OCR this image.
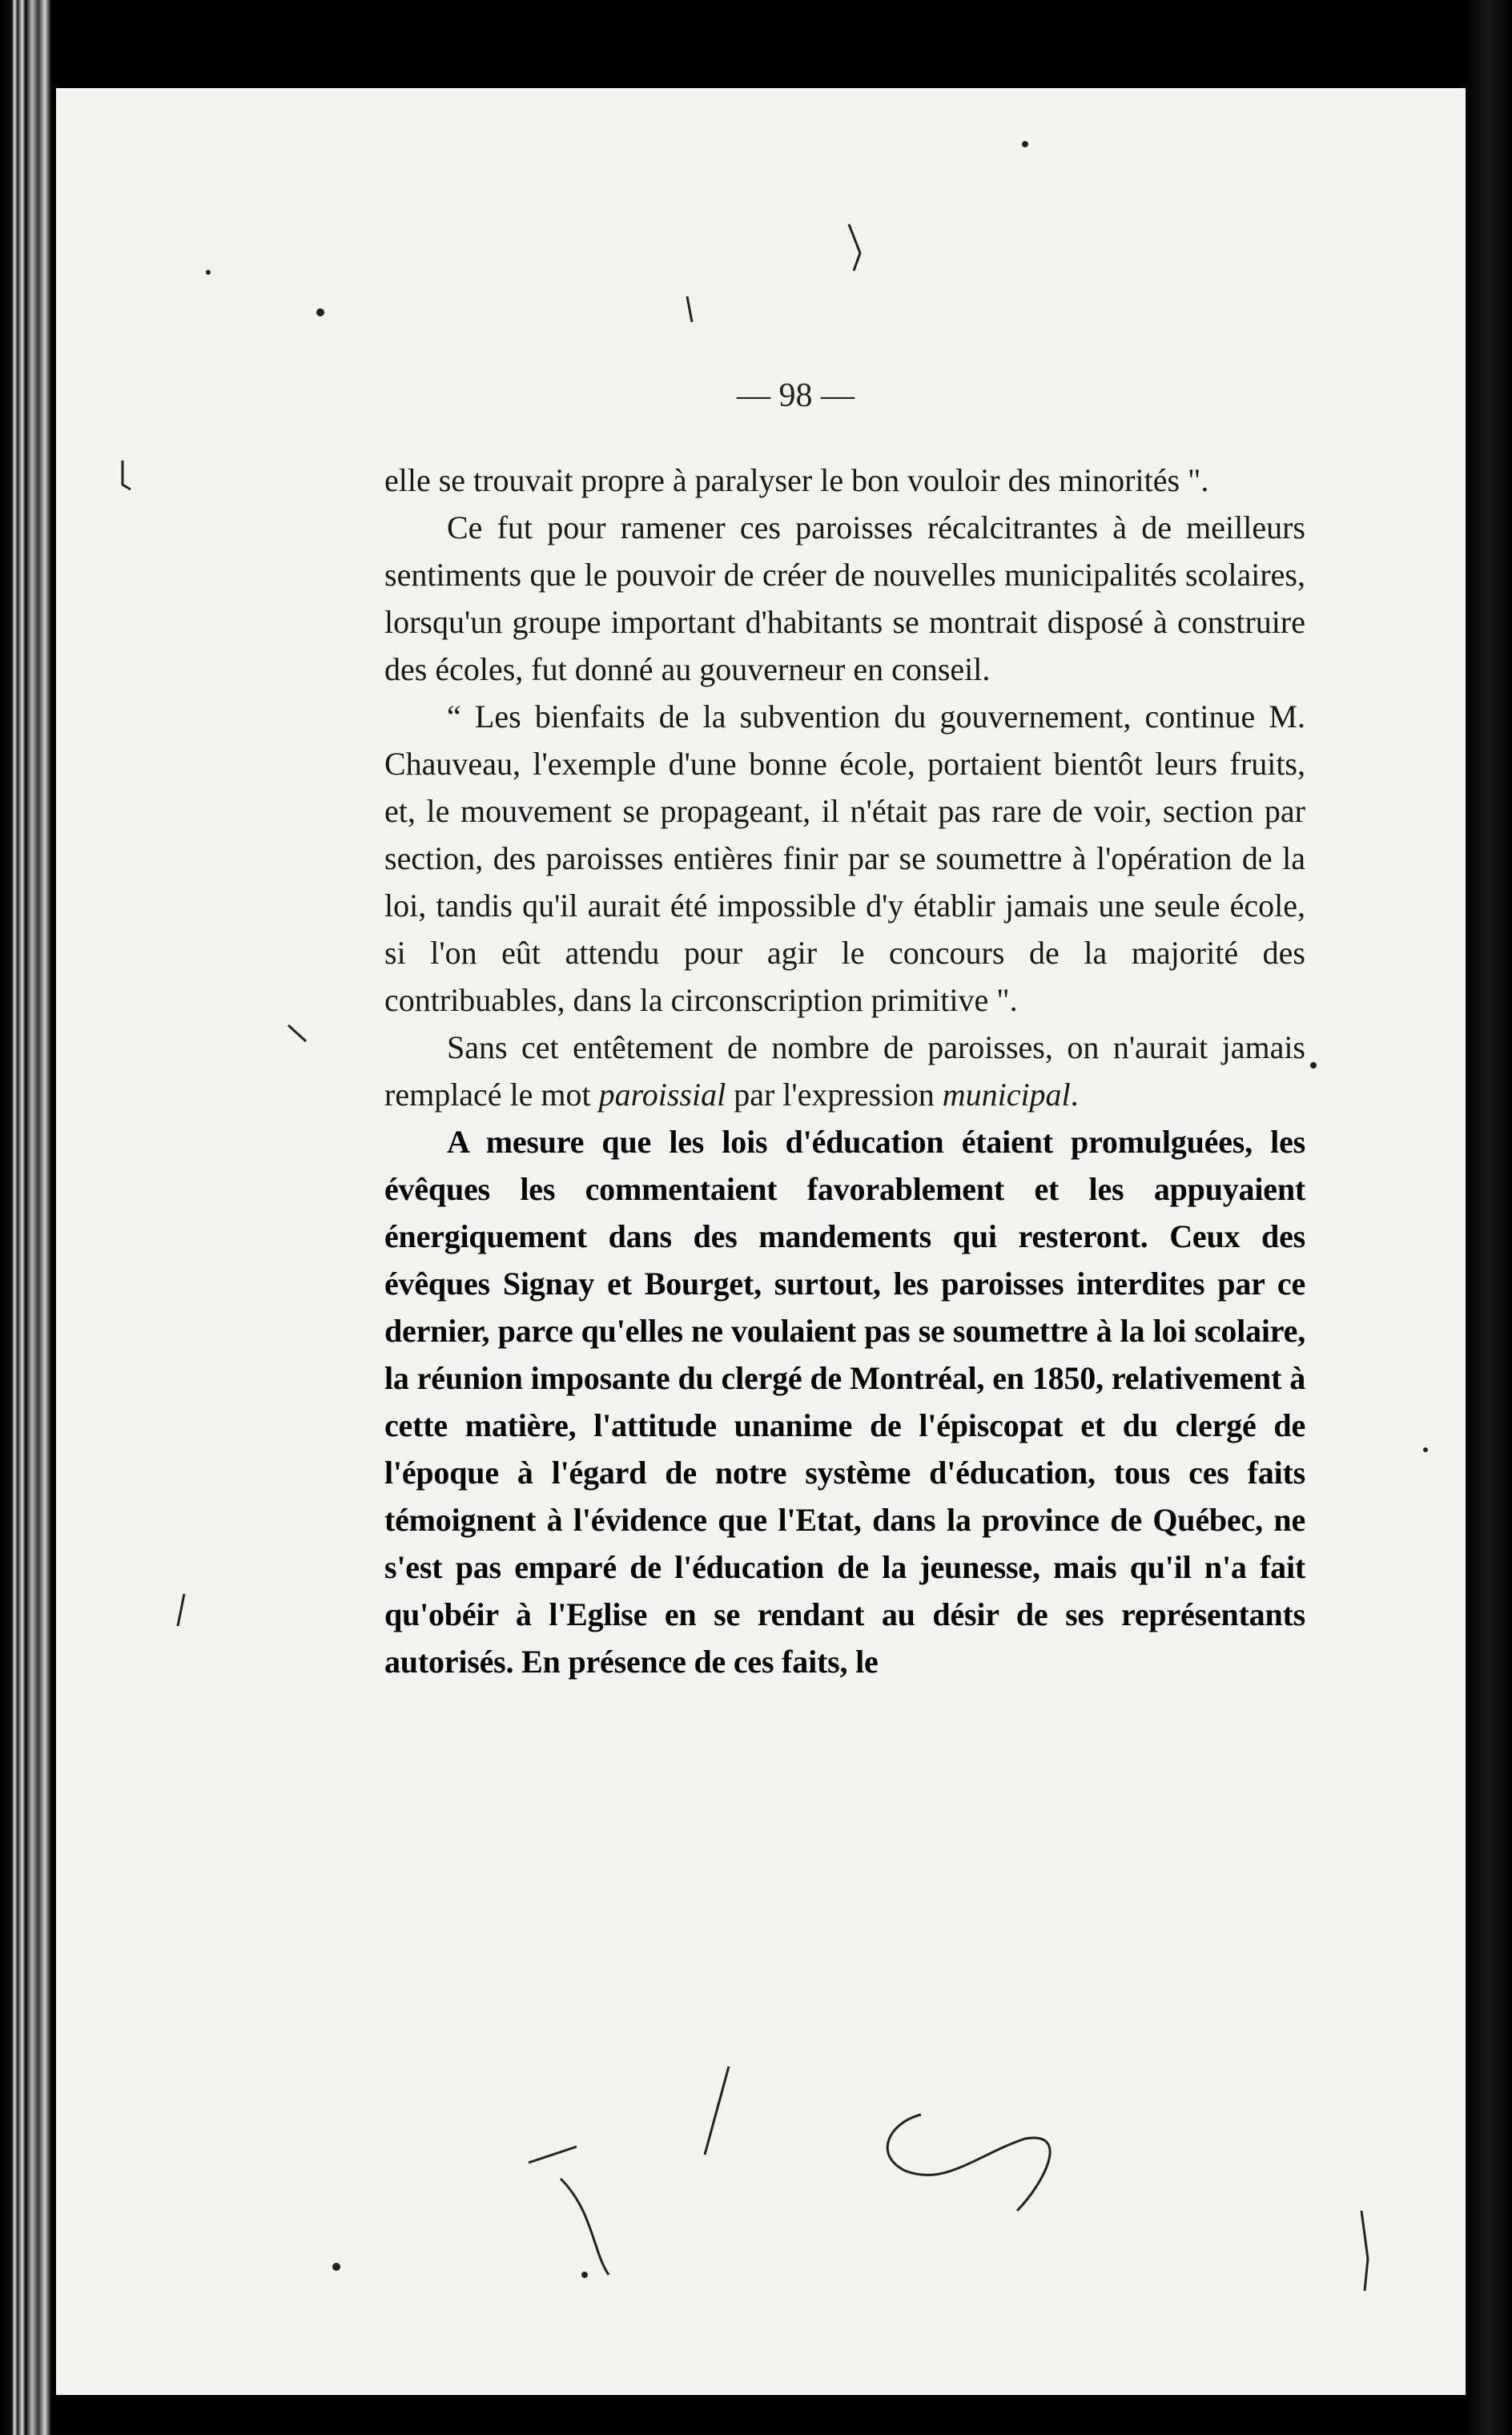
— 98 —

elle se trouvait propre à paralyser le bon vouloir des minorités ".

Ce fut pour ramener ces paroisses récalcitrantes à de meilleurs sentiments que le pouvoir de créer de nouvelles municipalités scolaires, lorsqu'un groupe important d'habitants se montrait disposé à construire des écoles, fut donné au gouverneur en conseil.

“ Les bienfaits de la subvention du gouvernement, continue M. Chauveau, l'exemple d'une bonne école, portaient bientôt leurs fruits, et, le mouvement se propageant, il n'était pas rare de voir, section par section, des paroisses entières finir par se soumettre à l'opération de la loi, tandis qu'il aurait été impossible d'y établir jamais une seule école, si l'on eût attendu pour agir le concours de la majorité des contribuables, dans la circonscription primitive ".

Sans cet entêtement de nombre de paroisses, on n'aurait jamais remplacé le mot paroissial par l'expression municipal.

A mesure que les lois d'éducation étaient promulguées, les évêques les commentaient favorablement et les appuyaient énergiquement dans des mandements qui resteront. Ceux des évêques Signay et Bourget, surtout, les paroisses interdites par ce dernier, parce qu'elles ne voulaient pas se soumettre à la loi scolaire, la réunion imposante du clergé de Montréal, en 1850, relativement à cette matière, l'attitude unanime de l'épiscopat et du clergé de l'époque à l'égard de notre système d'éducation, tous ces faits témoignent à l'évidence que l'Etat, dans la province de Québec, ne s'est pas emparé de l'éducation de la jeunesse, mais qu'il n'a fait qu'obéir à l'Eglise en se rendant au désir de ses représentants autorisés. En présence de ces faits, le
